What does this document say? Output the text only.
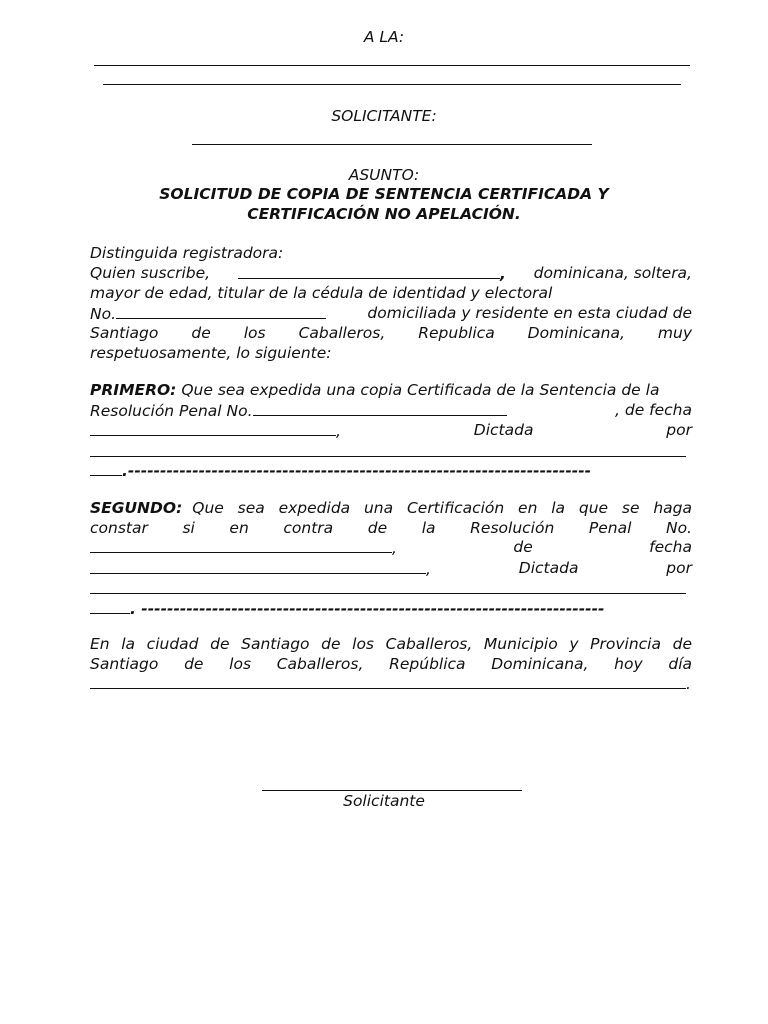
A LA:
SOLICITANTE:
ASUNTO:
SOLICITUD DE COPIA DE SENTENCIA CERTIFICADA Y
CERTIFICACIÓN NO APELACIÓN.

Distinguida registradora:

Quien suscribe,	, dominicana, soltera,

mayor de edad, titular de la cédula de identidad y electoral

No.	domiciliada y residente en esta ciudad de

Santiago de los Caballeros, Republica Dominicana, muy

respetuosamente, lo siguiente:

PRIMERO: Que sea expedida una copia Certificada de la Sentencia de la
Resolución Penal No.	, de fecha
,	Dictada	por
.------------------------------------------------------------------------
SEGUNDO: Que sea expedida una Certificación en la que se haga

constar si en contra de la Resolución Penal No.

,	de	fecha
,	Dictada	por
. ------------------------------------------------------------------------

En la ciudad de Santiago de los Caballeros, Municipio y Provincia de

Santiago de los Caballeros, República Dominicana, hoy día

.
Solicitante
